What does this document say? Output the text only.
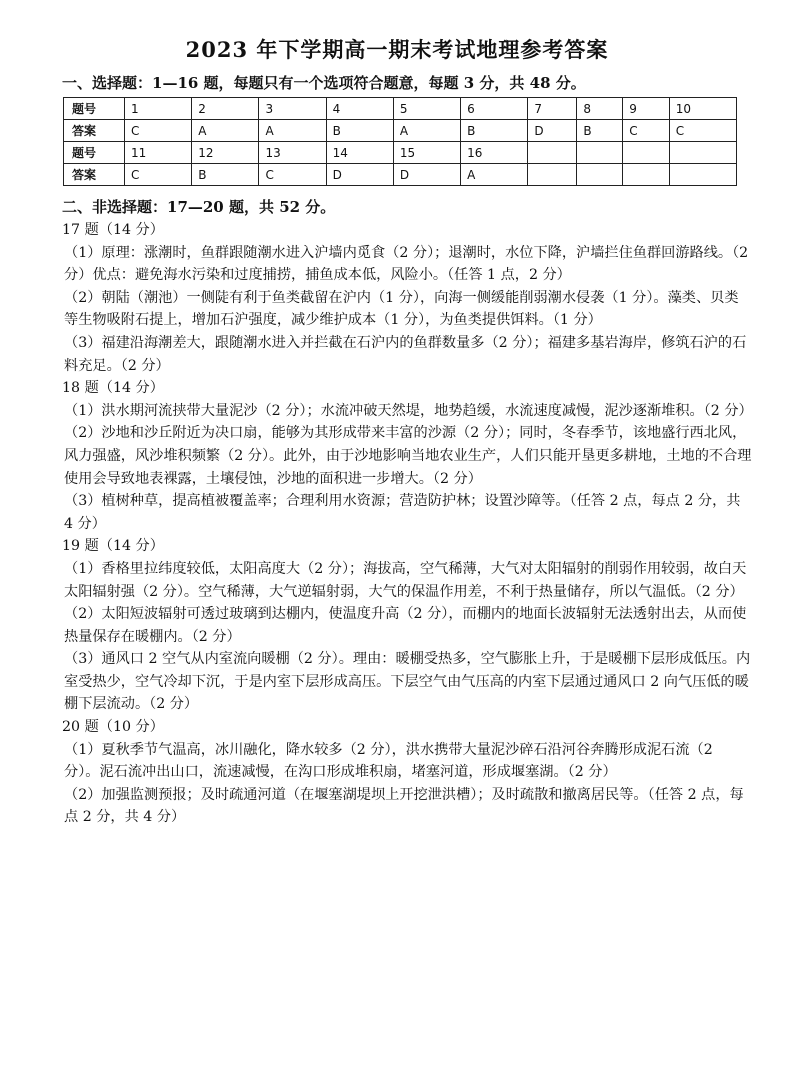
2023 年下学期高一期末考试地理参考答案
一、选择题：1—16 题，每题只有一个选项符合题意，每题 3 分，共 48 分。
题号	1	2	3	4	5	6	7	8	9	10
答案	C	A	A	B	A	B	D	B	C	C
题号	11	12	13	14	15	16				
答案	C	B	C	D	D	A				
二、非选择题：17—20 题，共 52 分。

17 题（14 分）

（1）原理：涨潮时，鱼群跟随潮水进入沪墙内觅食（2 分）；退潮时，水位下降，沪墙拦住鱼群回游路线。（2 分）优点：避免海水污染和过度捕捞，捕鱼成本低，风险小。（任答 1 点，2 分）

（2）朝陆（潮池）一侧陡有利于鱼类截留在沪内（1 分），向海一侧缓能削弱潮水侵袭（1 分）。藻类、贝类等生物吸附石提上，增加石沪强度，减少维护成本（1 分），为鱼类提供饵料。（1 分）

（3）福建沿海潮差大，跟随潮水进入并拦截在石沪内的鱼群数量多（2 分）；福建多基岩海岸，修筑石沪的石料充足。（2 分）

18 题（14 分）

（1）洪水期河流挟带大量泥沙（2 分）；水流冲破天然堤，地势趋缓，水流速度减慢，泥沙逐渐堆积。（2 分）

（2）沙地和沙丘附近为决口扇，能够为其形成带来丰富的沙源（2 分）；同时，冬春季节，该地盛行西北风，风力强盛，风沙堆积频繁（2 分）。此外，由于沙地影响当地农业生产，人们只能开垦更多耕地，土地的不合理使用会导致地表裸露，土壤侵蚀，沙地的面积进一步增大。（2 分）

（3）植树种草，提高植被覆盖率；合理利用水资源；营造防护林；设置沙障等。（任答 2 点，每点 2 分，共 4 分）

19 题（14 分）

（1）香格里拉纬度较低，太阳高度大（2 分）；海拔高，空气稀薄，大气对太阳辐射的削弱作用较弱，故白天太阳辐射强（2 分）。空气稀薄，大气逆辐射弱，大气的保温作用差，不利于热量储存，所以气温低。（2 分）

（2）太阳短波辐射可透过玻璃到达棚内，使温度升高（2 分），而棚内的地面长波辐射无法透射出去，从而使热量保存在暖棚内。（2 分）

（3）通风口 2 空气从内室流向暖棚（2 分）。理由：暖棚受热多，空气膨胀上升，于是暖棚下层形成低压。内室受热少，空气冷却下沉，于是内室下层形成高压。下层空气由气压高的内室下层通过通风口 2 向气压低的暖棚下层流动。（2 分）

20 题（10 分）

（1）夏秋季节气温高，冰川融化，降水较多（2 分），洪水携带大量泥沙碎石沿河谷奔腾形成泥石流（2 分）。泥石流冲出山口，流速减慢，在沟口形成堆积扇，堵塞河道，形成堰塞湖。（2 分）

（2）加强监测预报；及时疏通河道（在堰塞湖堤坝上开挖泄洪槽）；及时疏散和撤离居民等。（任答 2 点，每点 2 分，共 4 分）
